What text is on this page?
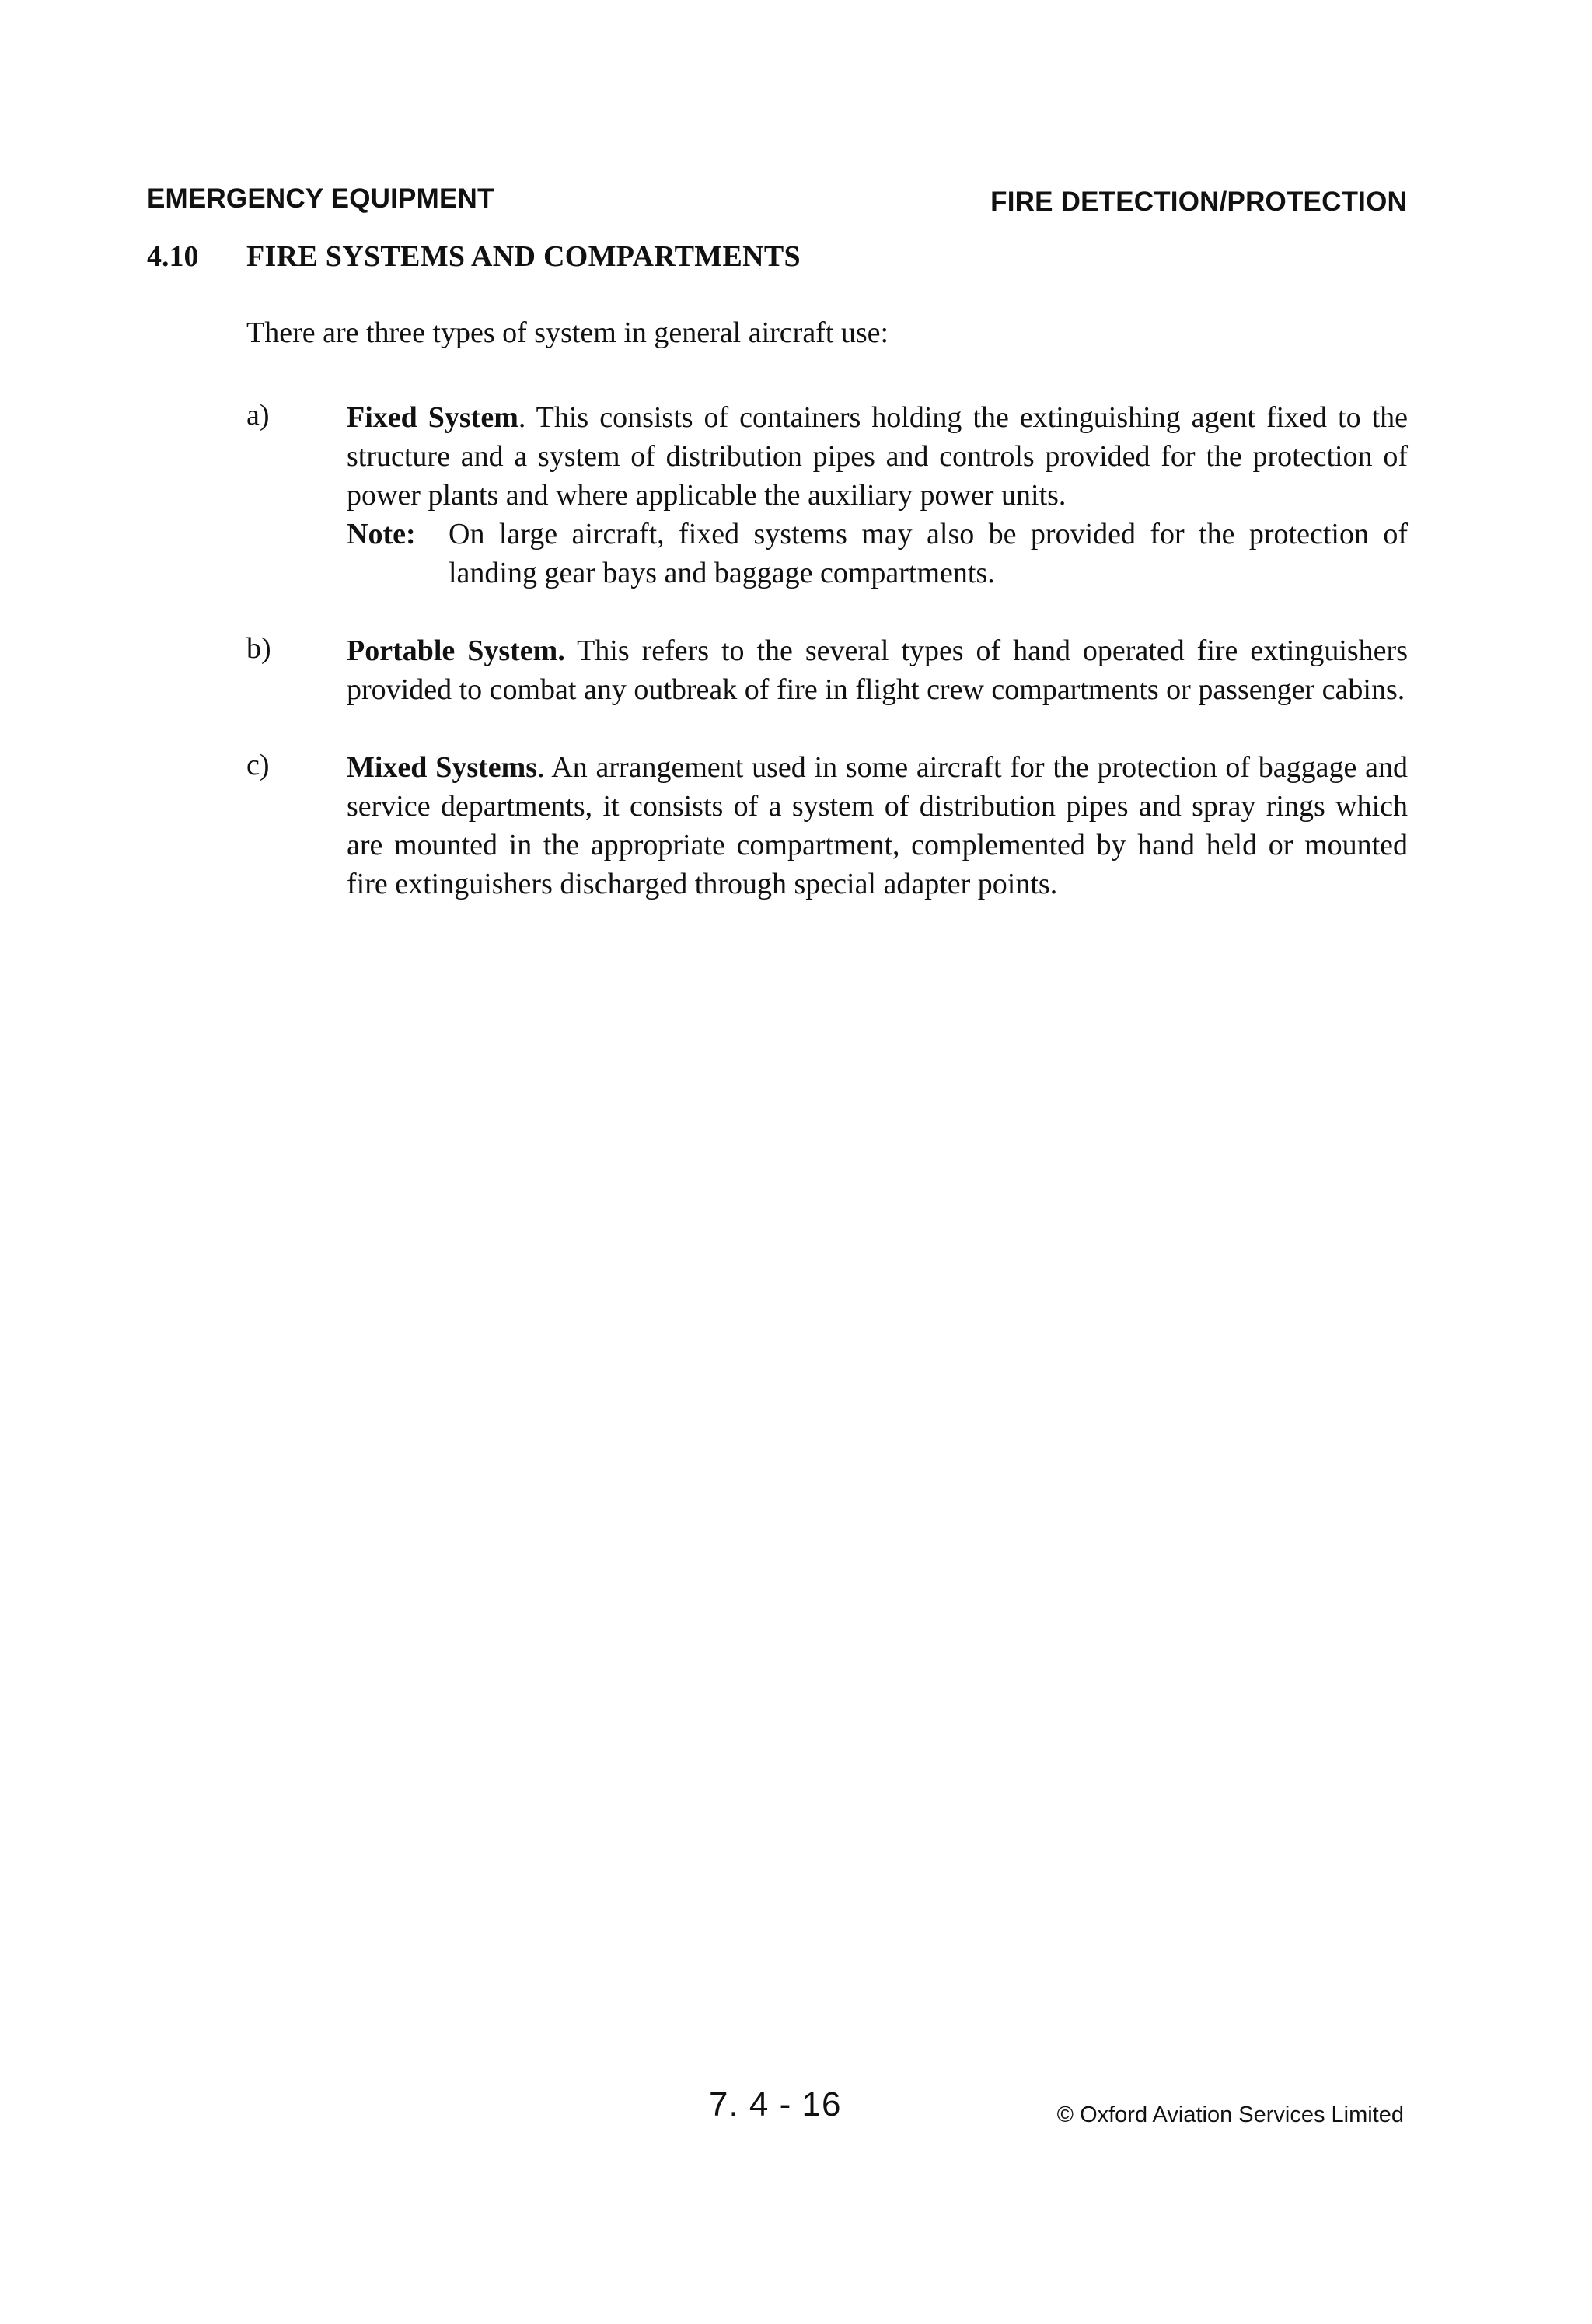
EMERGENCY EQUIPMENT	FIRE DETECTION/PROTECTION
4.10 FIRE SYSTEMS AND COMPARTMENTS
There are three types of system in general aircraft use:
a)	Fixed System. This consists of containers holding the extinguishing agent fixed to the structure and a system of distribution pipes and controls provided for the protection of power plants and where applicable the auxiliary power units.
Note: On large aircraft, fixed systems may also be provided for the protection of landing gear bays and baggage compartments.
b)	Portable System. This refers to the several types of hand operated fire extinguishers provided to combat any outbreak of fire in flight crew compartments or passenger cabins.
c)	Mixed Systems. An arrangement used in some aircraft for the protection of baggage and service departments, it consists of a system of distribution pipes and spray rings which are mounted in the appropriate compartment, complemented by hand held or mounted fire extinguishers discharged through special adapter points.
7. 4 - 16	© Oxford Aviation Services Limited
